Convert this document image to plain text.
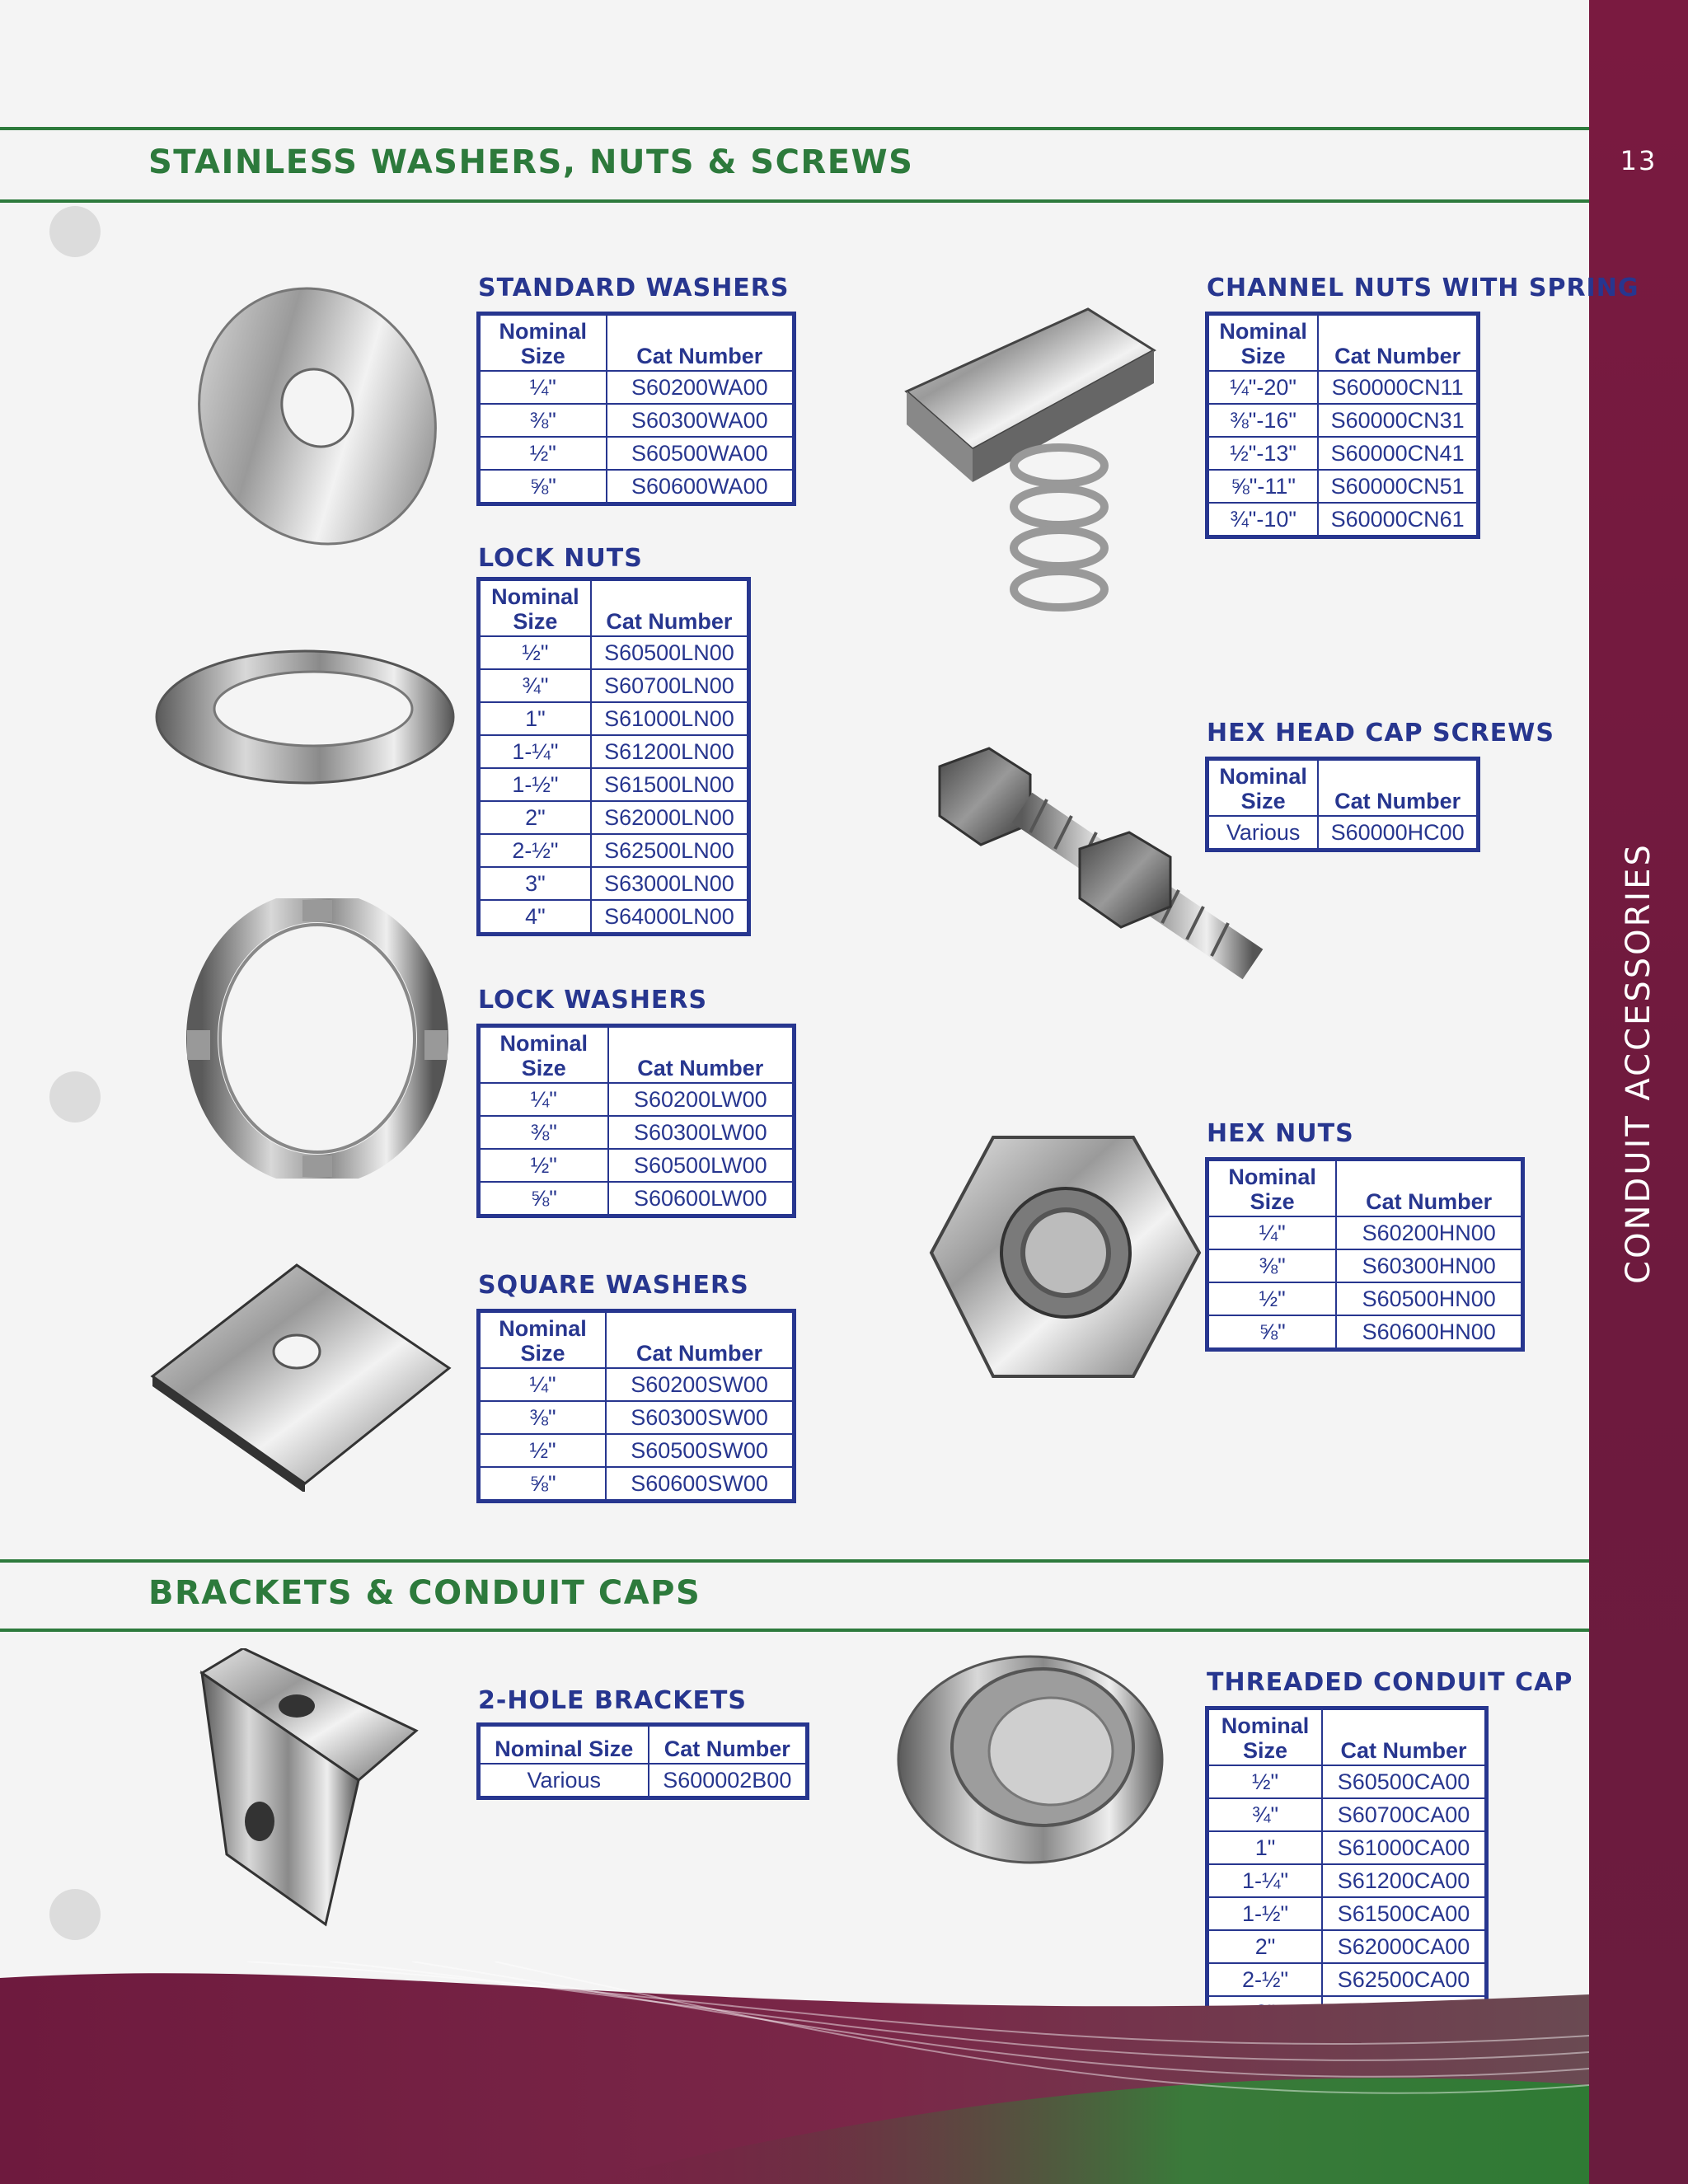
13
CONDUIT ACCESSORIES
STAINLESS WASHERS, NUTS & SCREWS
BRACKETS & CONDUIT CAPS
STANDARD WASHERS
Nominal
Size	Cat Number
¼"	S60200WA00
⅜"	S60300WA00
½"	S60500WA00
⅝"	S60600WA00
LOCK NUTS
Nominal
Size	Cat Number
½"	S60500LN00
¾"	S60700LN00
1"	S61000LN00
1-¼"	S61200LN00
1-½"	S61500LN00
2"	S62000LN00
2-½"	S62500LN00
3"	S63000LN00
4"	S64000LN00
LOCK WASHERS
Nominal
Size	Cat Number
¼"	S60200LW00
⅜"	S60300LW00
½"	S60500LW00
⅝"	S60600LW00
SQUARE WASHERS
Nominal
Size	Cat Number
¼"	S60200SW00
⅜"	S60300SW00
½"	S60500SW00
⅝"	S60600SW00
CHANNEL NUTS WITH SPRING
Nominal
Size	Cat Number
¼"-20"	S60000CN11
⅜"-16"	S60000CN31
½"-13"	S60000CN41
⅝"-11"	S60000CN51
¾"-10"	S60000CN61
HEX HEAD CAP SCREWS
Nominal
Size	Cat Number
Various	S60000HC00
HEX NUTS
Nominal
Size	Cat Number
¼"	S60200HN00
⅜"	S60300HN00
½"	S60500HN00
⅝"	S60600HN00
2-HOLE BRACKETS
Nominal Size	Cat Number
Various	S600002B00
THREADED CONDUIT CAP
Nominal
Size	Cat Number
½"	S60500CA00
¾"	S60700CA00
1"	S61000CA00
1-¼"	S61200CA00
1-½"	S61500CA00
2"	S62000CA00
2-½"	S62500CA00
